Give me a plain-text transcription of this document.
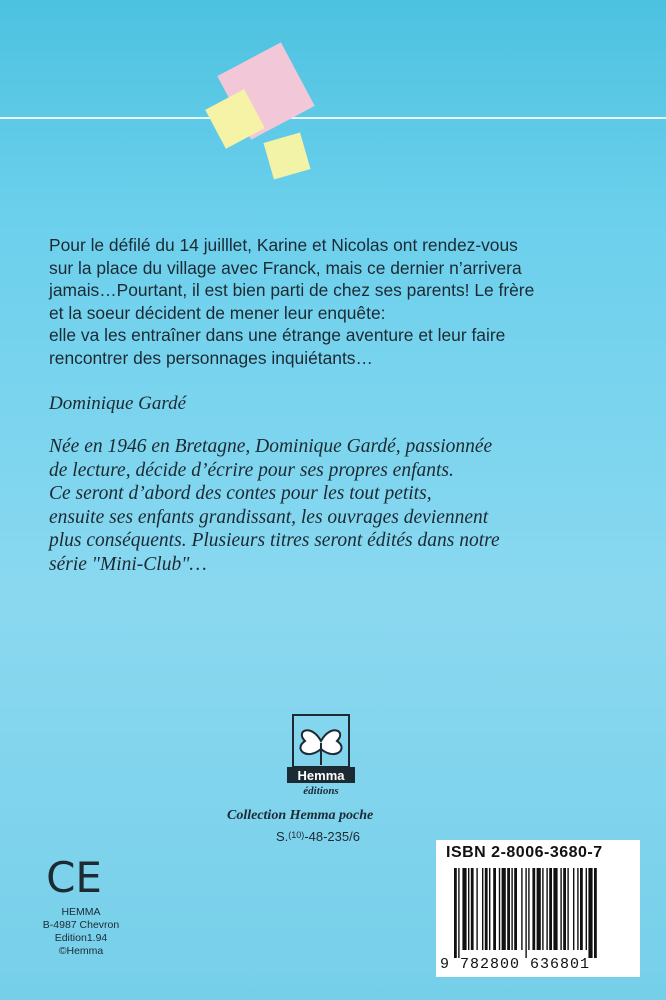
Pour le défilé du 14 juilllet, Karine et Nicolas ont rendez-vous
sur la place du village avec Franck, mais ce dernier n’arrivera
jamais…Pourtant, il est bien parti de chez ses parents! Le frère
et la soeur décident de mener leur enquête:
elle va les entraîner dans une étrange aventure et leur faire
rencontrer des personnages inquiétants…

Dominique Gardé

Née en 1946 en Bretagne, Dominique Gardé, passionnée
de lecture, décide d’écrire pour ses propres enfants.
Ce seront d’abord des contes pour les tout petits,
ensuite ses enfants grandissant, les ouvrages deviennent
plus conséquents. Plusieurs titres seront édités dans notre
série "Mini-Club"…

Hemma
éditions
Collection Hemma poche
$S._{(10)}-48-235/6$
CE
HEMMA
B-4987 Chevron
Edition1.94
©Hemma
ISBN 2-8006-3680-7
9 782800 636801
